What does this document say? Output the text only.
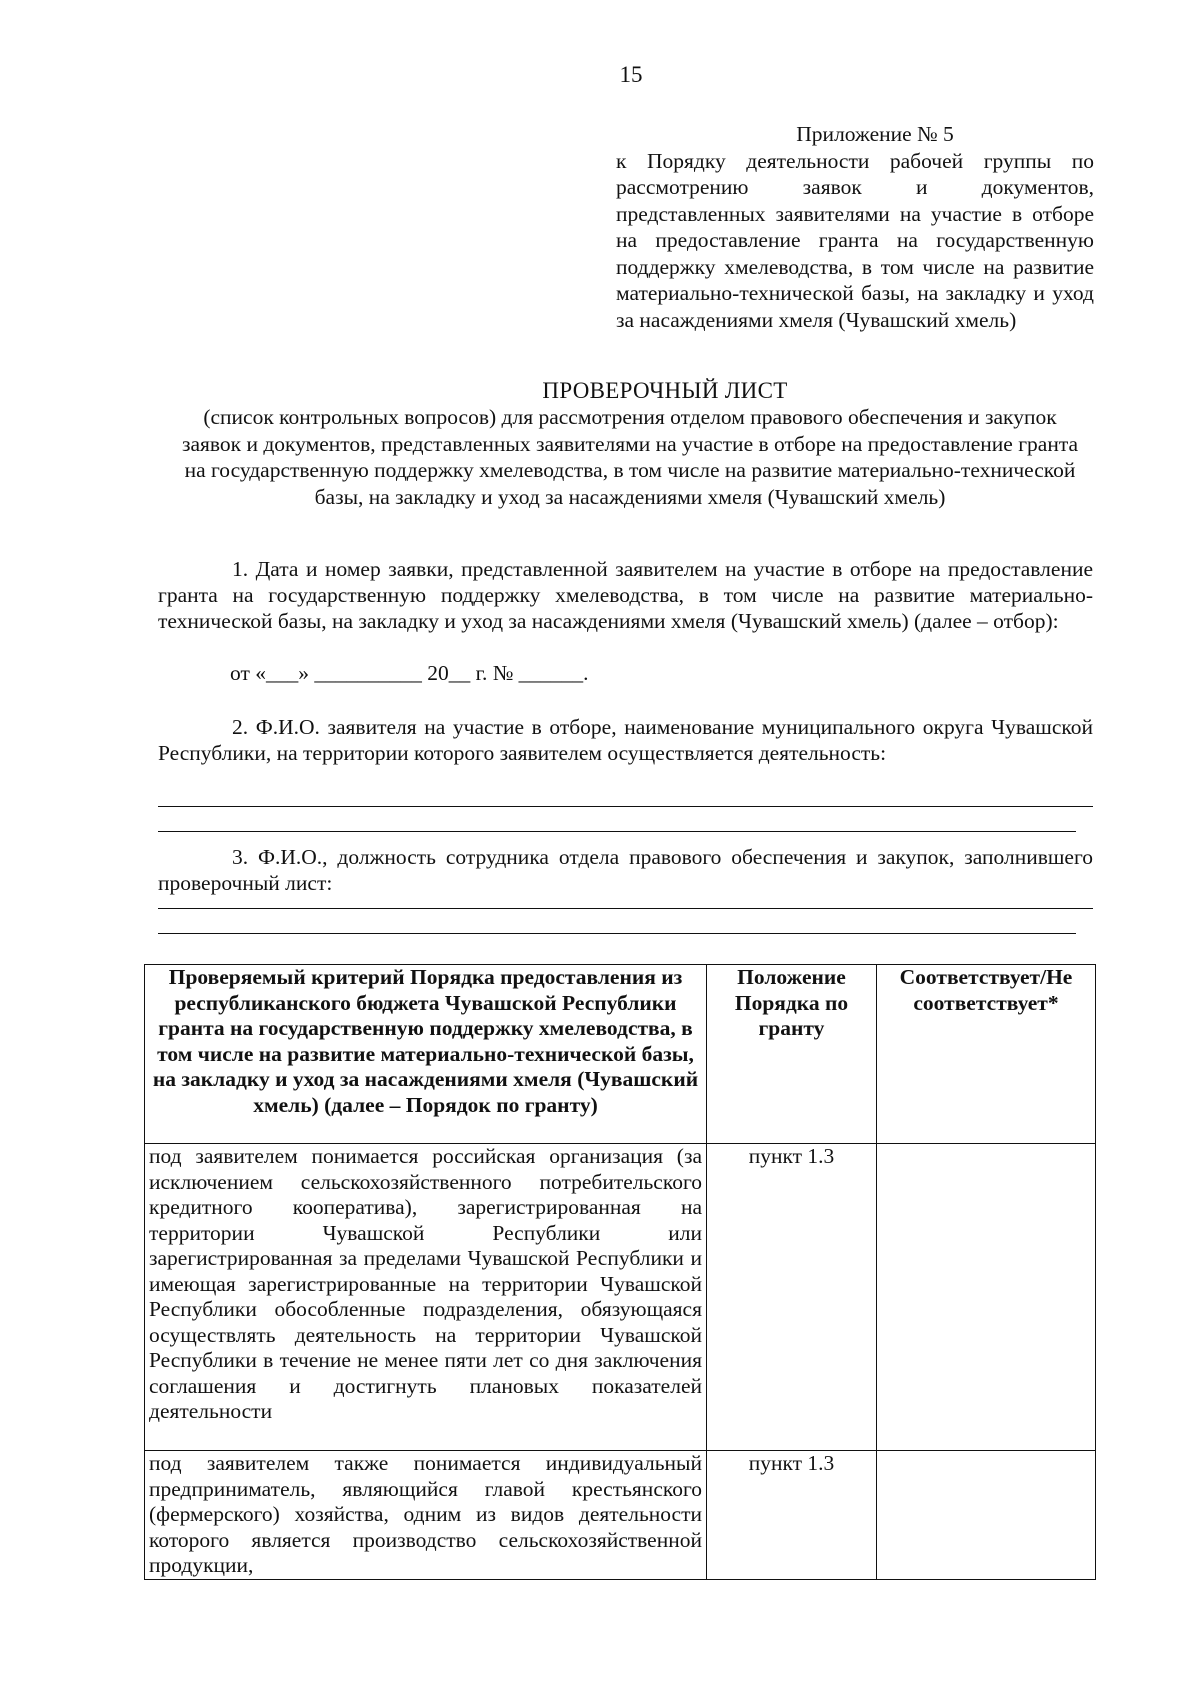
15
Приложение № 5
к Порядку деятельности рабочей группы по рассмотрению заявок и документов, представленных заявителями на участие в отборе на предоставление гранта на государственную поддержку хмелеводства, в том числе на развитие материально-технической базы, на закладку и уход за насаждениями хмеля (Чувашский хмель)
ПРОВЕРОЧНЫЙ ЛИСТ
(список контрольных вопросов) для рассмотрения отделом правового обеспечения и закупок заявок и документов, представленных заявителями на участие в отборе на предоставление гранта на государственную поддержку хмелеводства, в том числе на развитие материально-технической базы, на закладку и уход за насаждениями хмеля (Чувашский хмель)
1. Дата и номер заявки, представленной заявителем на участие в отборе на предоставление гранта на государственную поддержку хмелеводства, в том числе на развитие материально-технической базы, на закладку и уход за насаждениями хмеля (Чувашский хмель) (далее – отбор):
от «___» __________ 20__ г. № ______.
2. Ф.И.О. заявителя на участие в отборе, наименование муниципального округа Чувашской Республики, на территории которого заявителем осуществляется деятельность:
3. Ф.И.О., должность сотрудника отдела правового обеспечения и закупок, заполнившего проверочный лист:
Проверяемый критерий Порядка предоставления из республиканского бюджета Чувашской Республики гранта на государственную поддержку хмелеводства, в том числе на развитие материально-технической базы, на закладку и уход за насаждениями хмеля (Чувашский хмель) (далее – Порядок по гранту)	Положение Порядка по гранту	Соответствует/Не соответствует*
под заявителем понимается российская организация (за исключением сельскохозяйственного потребительского кредитного кооператива), зарегистрированная на территории Чувашской Республики или зарегистрированная за пределами Чувашской Республики и имеющая зарегистрированные на территории Чувашской Республики обособленные подразделения, обязующаяся осуществлять деятельность на территории Чувашской Республики в течение не менее пяти лет со дня заключения соглашения и достигнуть плановых показателей деятельности	пункт 1.3	

под заявителем также понимается индивидуальный предприниматель, являющийся главой крестьянского (фермерского) хозяйства, одним из видов деятельности которого является производство сельскохозяйственной продукции,	пункт 1.3	
